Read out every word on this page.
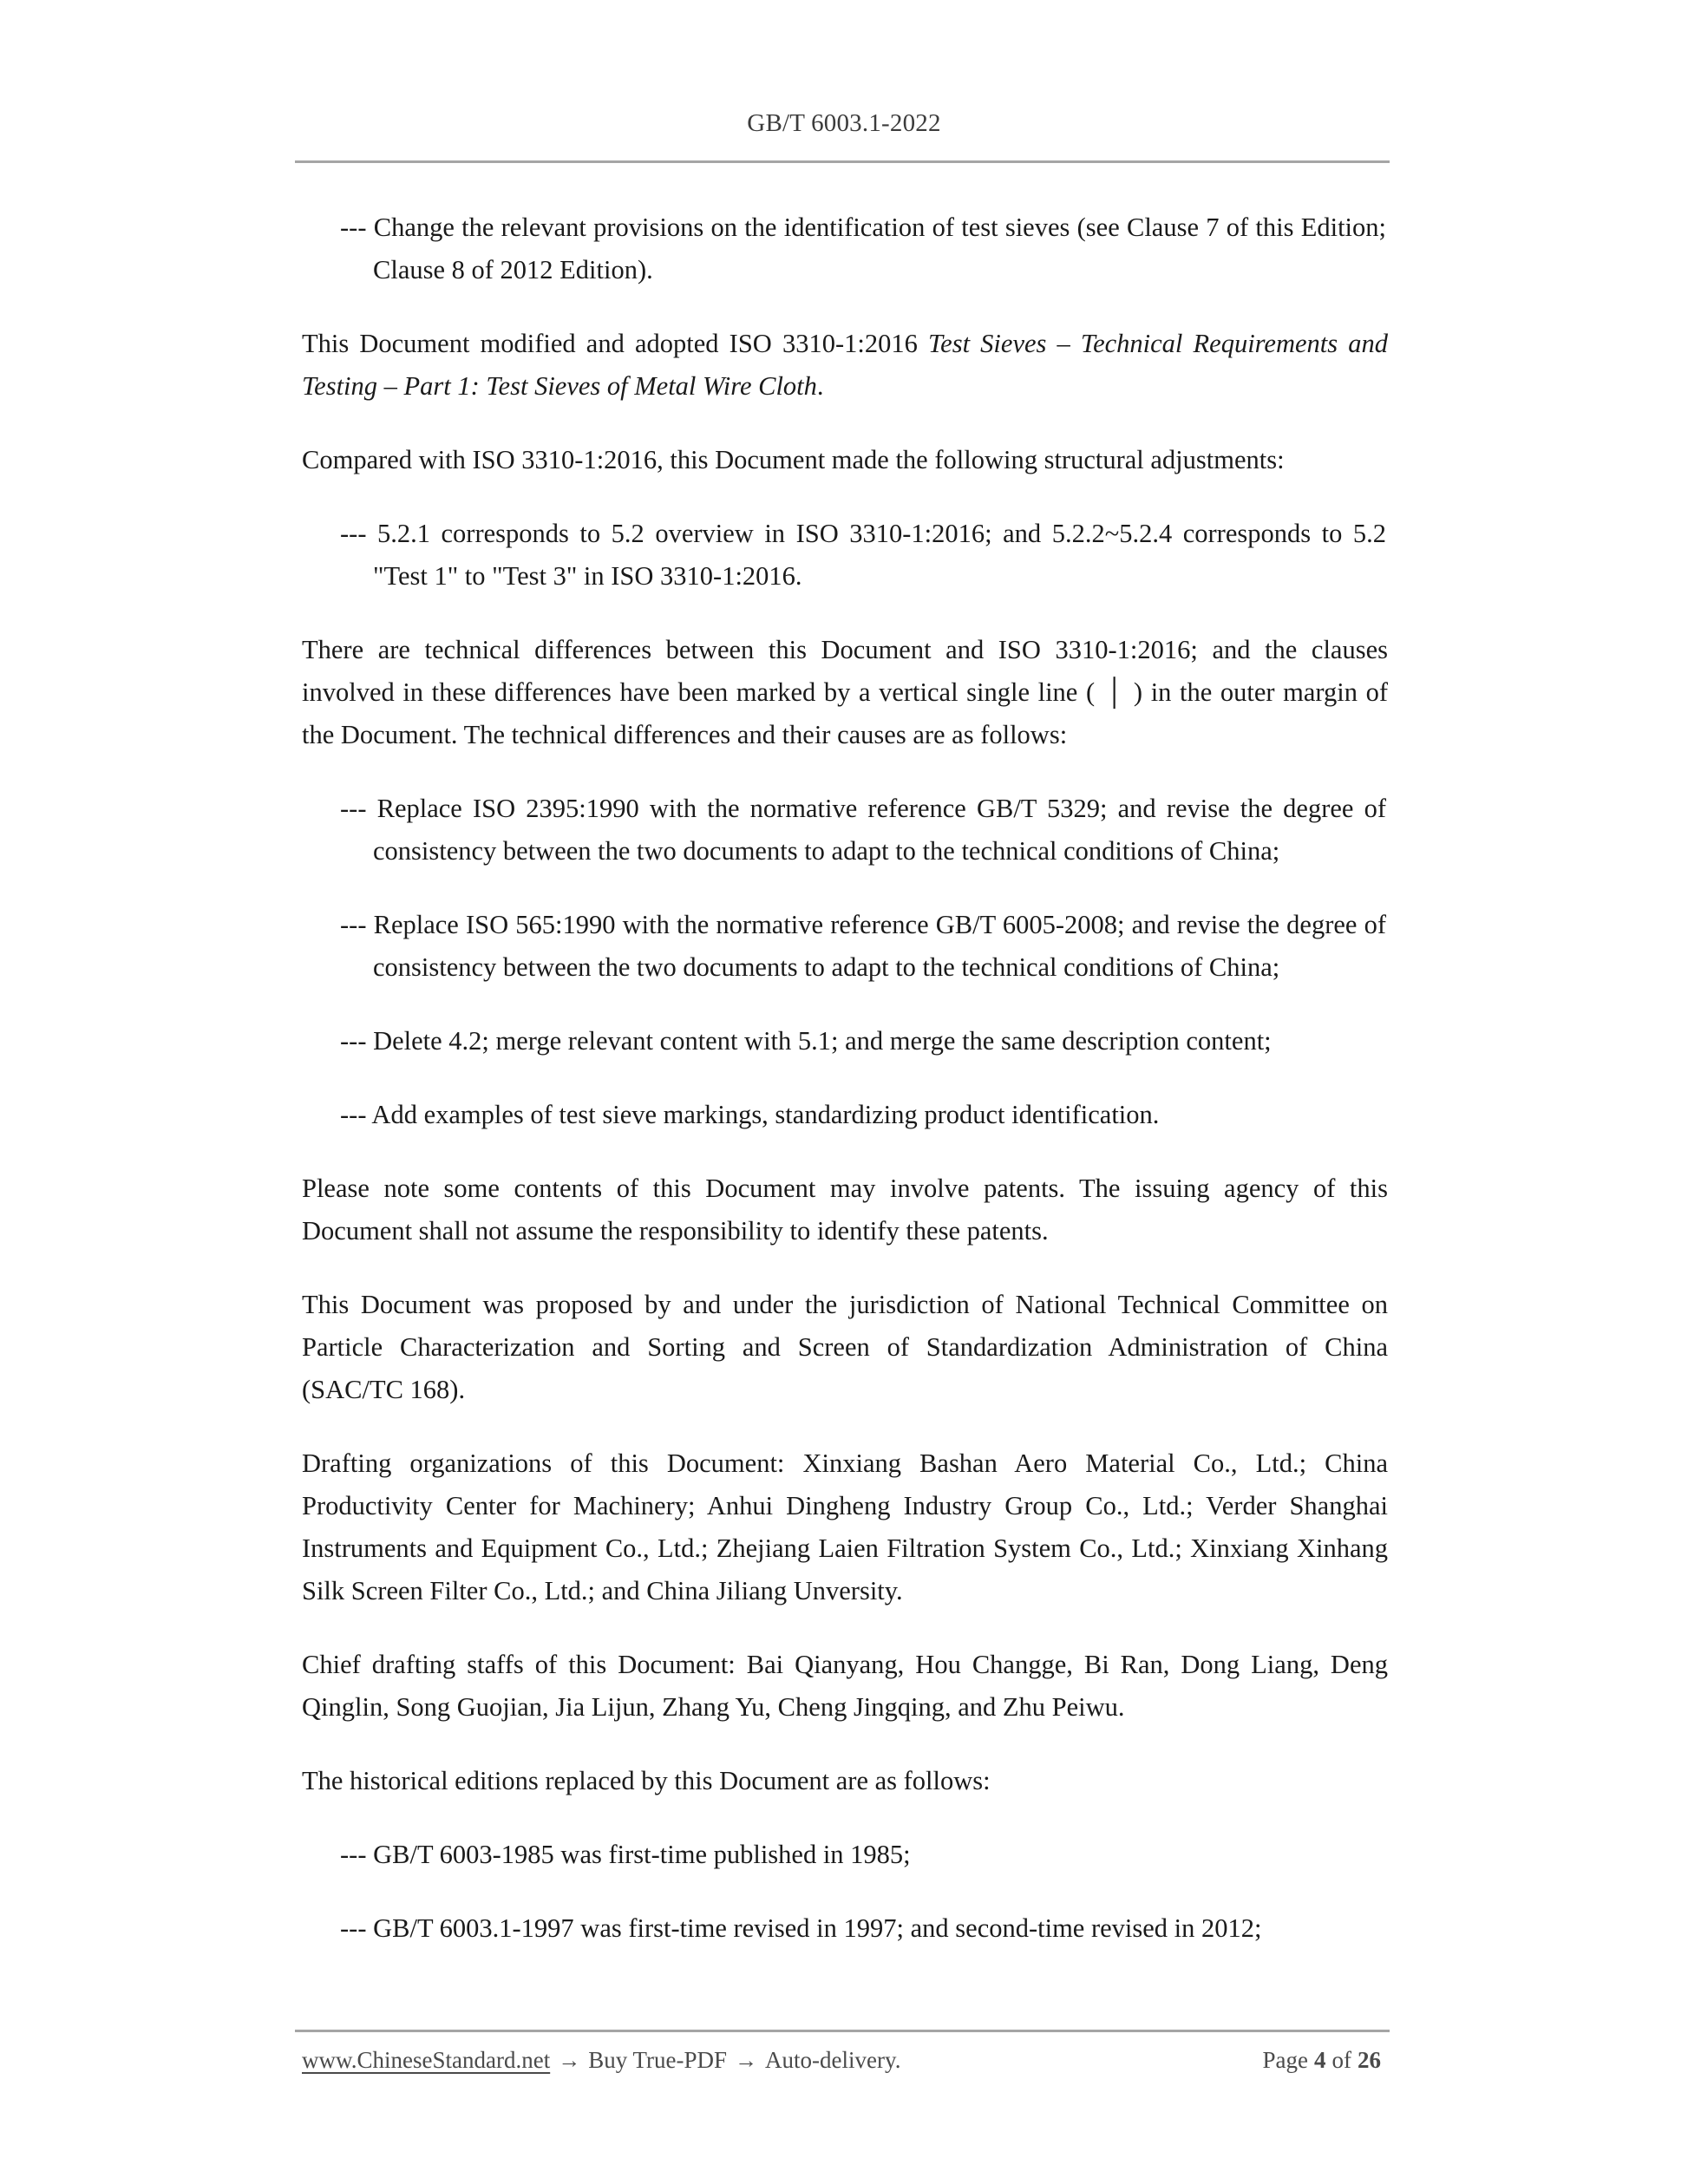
GB/T 6003.1-2022

--- Change the relevant provisions on the identification of test sieves (see Clause 7 of this Edition; Clause 8 of 2012 Edition).

This Document modified and adopted ISO 3310-1:2016 Test Sieves – Technical Requirements and Testing – Part 1: Test Sieves of Metal Wire Cloth.

Compared with ISO 3310-1:2016, this Document made the following structural adjustments:

--- 5.2.1 corresponds to 5.2 overview in ISO 3310-1:2016; and 5.2.2~5.2.4 corresponds to 5.2 "Test 1" to "Test 3" in ISO 3310-1:2016.

There are technical differences between this Document and ISO 3310-1:2016; and the clauses involved in these differences have been marked by a vertical single line ( │ ) in the outer margin of the Document. The technical differences and their causes are as follows:

--- Replace ISO 2395:1990 with the normative reference GB/T 5329; and revise the degree of consistency between the two documents to adapt to the technical conditions of China;

--- Replace ISO 565:1990 with the normative reference GB/T 6005-2008; and revise the degree of consistency between the two documents to adapt to the technical conditions of China;

--- Delete 4.2; merge relevant content with 5.1; and merge the same description content;

--- Add examples of test sieve markings, standardizing product identification.

Please note some contents of this Document may involve patents. The issuing agency of this Document shall not assume the responsibility to identify these patents.

This Document was proposed by and under the jurisdiction of National Technical Committee on Particle Characterization and Sorting and Screen of Standardization Administration of China (SAC/TC 168).

Drafting organizations of this Document: Xinxiang Bashan Aero Material Co., Ltd.; China Productivity Center for Machinery; Anhui Dingheng Industry Group Co., Ltd.; Verder Shanghai Instruments and Equipment Co., Ltd.; Zhejiang Laien Filtration System Co., Ltd.; Xinxiang Xinhang Silk Screen Filter Co., Ltd.; and China Jiliang Unversity.

Chief drafting staffs of this Document: Bai Qianyang, Hou Changge, Bi Ran, Dong Liang, Deng Qinglin, Song Guojian, Jia Lijun, Zhang Yu, Cheng Jingqing, and Zhu Peiwu.

The historical editions replaced by this Document are as follows:

--- GB/T 6003-1985 was first-time published in 1985;

--- GB/T 6003.1-1997 was first-time revised in 1997; and second-time revised in 2012;

www.ChineseStandard.net → Buy True-PDF → Auto-delivery.	Page 4 of 26
